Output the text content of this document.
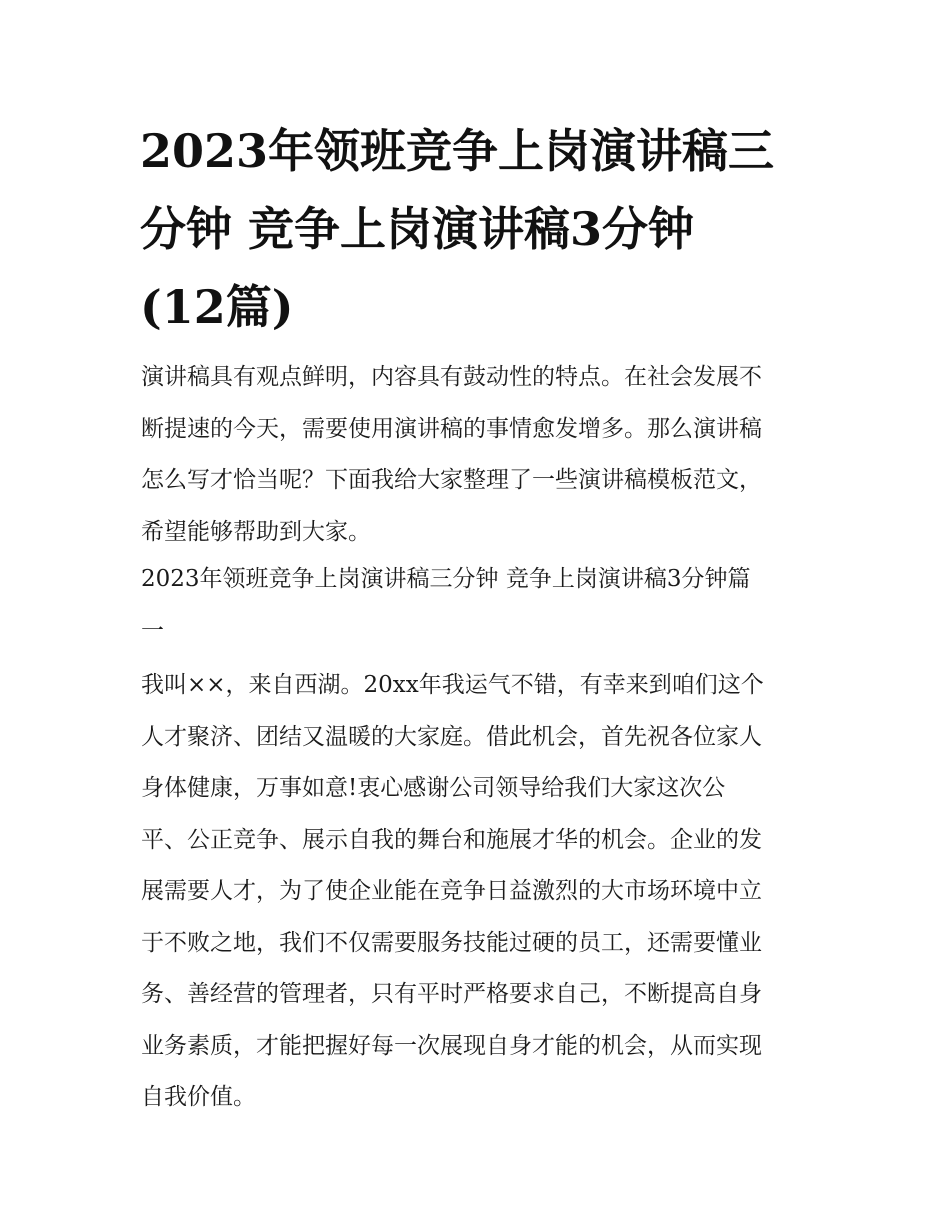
2023年领班竞争上岗演讲稿三
分钟 竞争上岗演讲稿3分钟
(12篇)

演讲稿具有观点鲜明，内容具有鼓动性的特点。在社会发展不
断提速的今天，需要使用演讲稿的事情愈发增多。那么演讲稿
怎么写才恰当呢？下面我给大家整理了一些演讲稿模板范文，
希望能够帮助到大家。

2023年领班竞争上岗演讲稿三分钟 竞争上岗演讲稿3分钟篇
一

我叫××，来自西湖。20xx年我运气不错，有幸来到咱们这个
人才聚济、团结又温暖的大家庭。借此机会，首先祝各位家人
身体健康，万事如意!衷心感谢公司领导给我们大家这次公
平、公正竞争、展示自我的舞台和施展才华的机会。企业的发
展需要人才，为了使企业能在竞争日益激烈的大市场环境中立
于不败之地，我们不仅需要服务技能过硬的员工，还需要懂业
务、善经营的管理者，只有平时严格要求自己，不断提高自身
业务素质，才能把握好每一次展现自身才能的机会，从而实现
自我价值。
